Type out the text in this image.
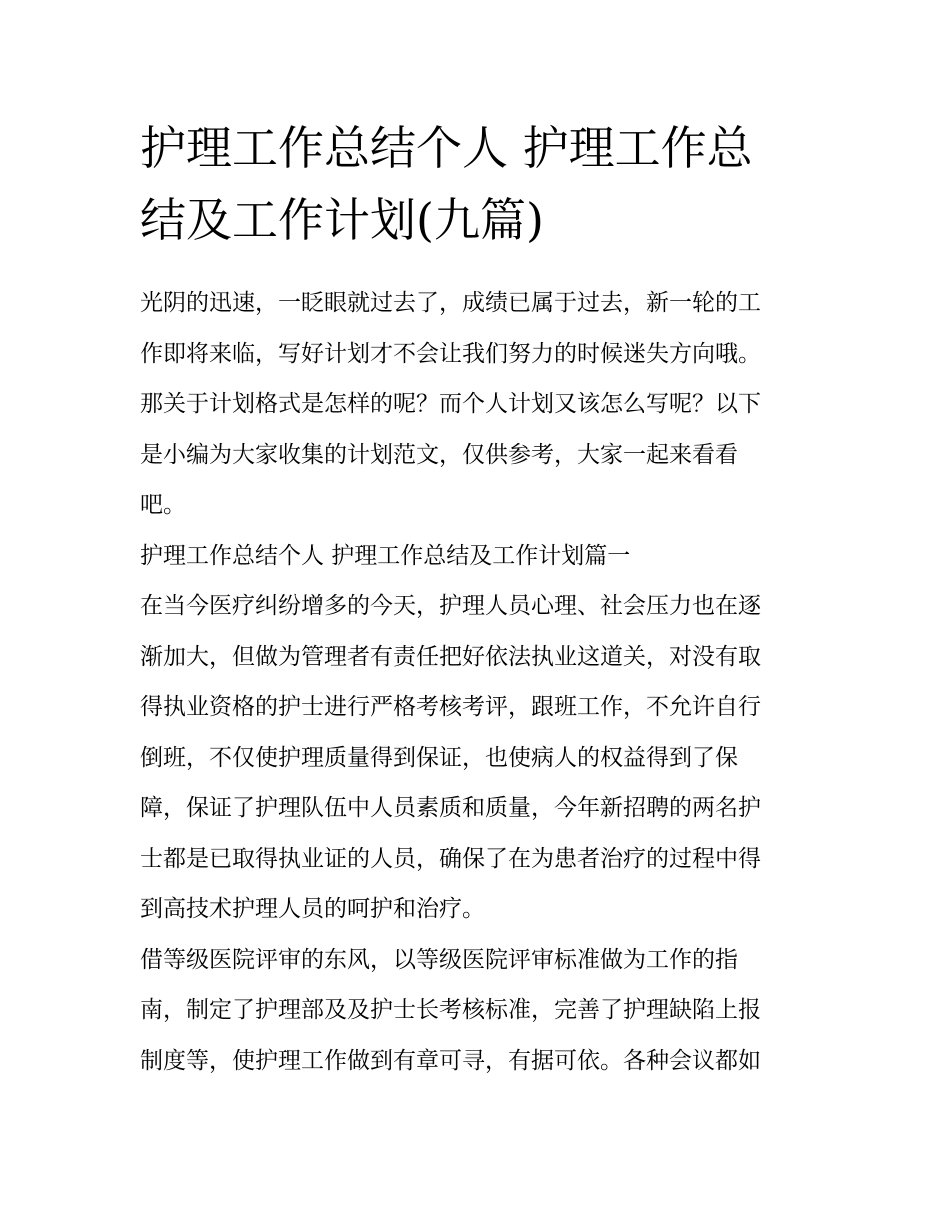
护理工作总结个人 护理工作总
结及工作计划(九篇)
光阴的迅速，一眨眼就过去了，成绩已属于过去，新一轮的工
作即将来临，写好计划才不会让我们努力的时候迷失方向哦。
那关于计划格式是怎样的呢？而个人计划又该怎么写呢？以下
是小编为大家收集的计划范文，仅供参考，大家一起来看看
吧。
护理工作总结个人 护理工作总结及工作计划篇一
在当今医疗纠纷增多的今天，护理人员心理、社会压力也在逐
渐加大，但做为管理者有责任把好依法执业这道关，对没有取
得执业资格的护士进行严格考核考评，跟班工作，不允许自行
倒班，不仅使护理质量得到保证，也使病人的权益得到了保
障，保证了护理队伍中人员素质和质量，今年新招聘的两名护
士都是已取得执业证的人员，确保了在为患者治疗的过程中得
到高技术护理人员的呵护和治疗。
借等级医院评审的东风，以等级医院评审标准做为工作的指
南，制定了护理部及及护士长考核标准，完善了护理缺陷上报
制度等，使护理工作做到有章可寻，有据可依。各种会议都如
